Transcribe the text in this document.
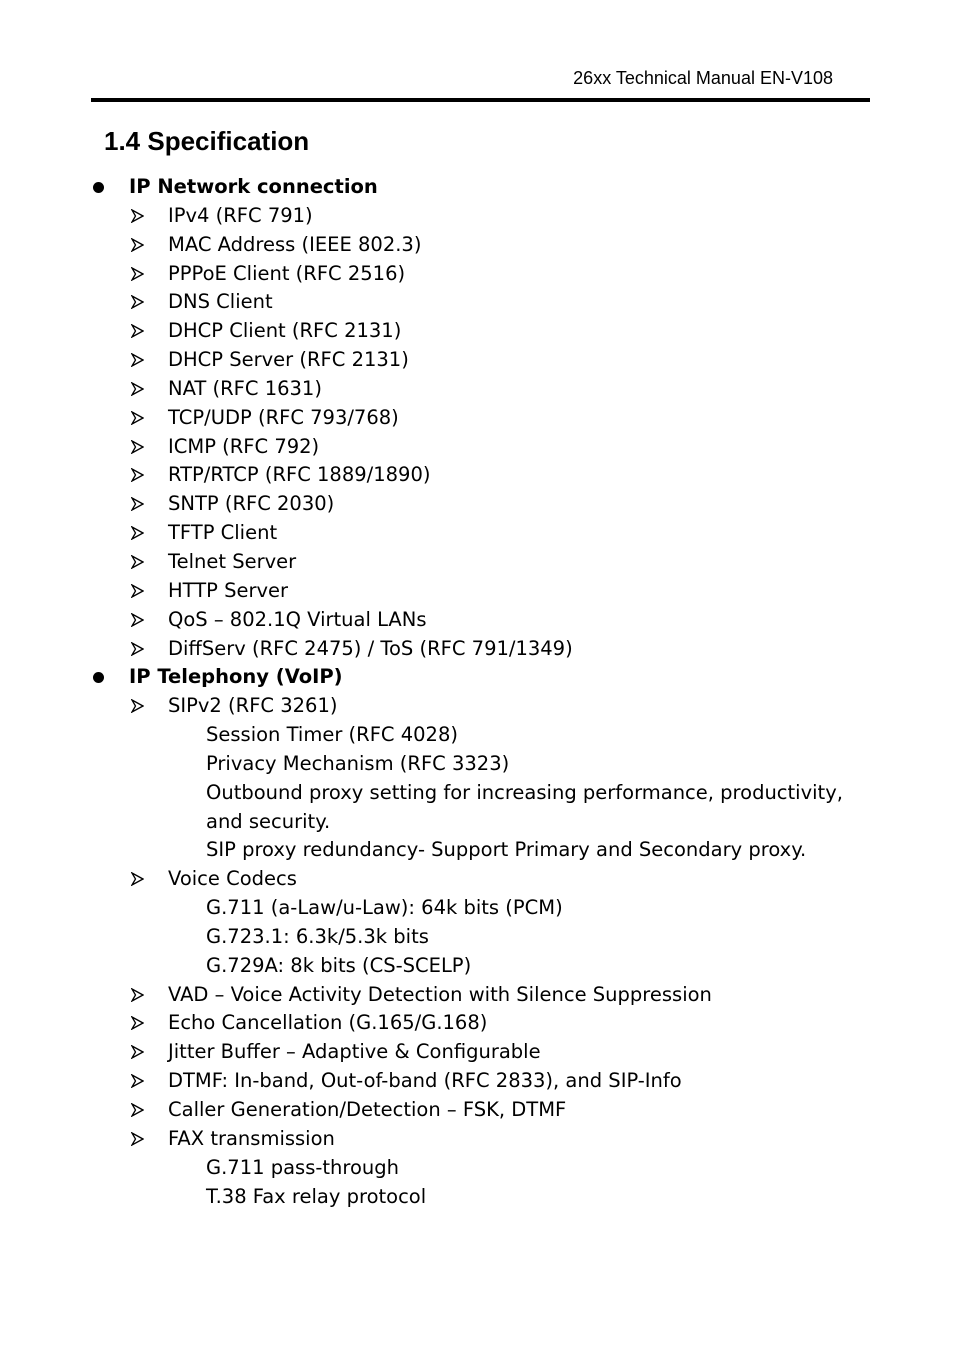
26xx Technical Manual EN-V108
1.4 Specification
IP Network connection
IPv4 (RFC 791)
MAC Address (IEEE 802.3)
PPPoE Client (RFC 2516)
DNS Client
DHCP Client (RFC 2131)
DHCP Server (RFC 2131)
NAT (RFC 1631)
TCP/UDP (RFC 793/768)
ICMP (RFC 792)
RTP/RTCP (RFC 1889/1890)
SNTP (RFC 2030)
TFTP Client
Telnet Server
HTTP Server
QoS – 802.1Q Virtual LANs
DiffServ (RFC 2475) / ToS (RFC 791/1349)
IP Telephony (VoIP)
SIPv2 (RFC 3261)
Session Timer (RFC 4028)
Privacy Mechanism (RFC 3323)
Outbound proxy setting for increasing performance, productivity,
and security.
SIP proxy redundancy- Support Primary and Secondary proxy.
Voice Codecs
G.711 (a-Law/u-Law): 64k bits (PCM)
G.723.1: 6.3k/5.3k bits
G.729A: 8k bits (CS-SCELP)
VAD – Voice Activity Detection with Silence Suppression
Echo Cancellation (G.165/G.168)
Jitter Buffer – Adaptive & Configurable
DTMF: In-band, Out-of-band (RFC 2833), and SIP-Info
Caller Generation/Detection – FSK, DTMF
FAX transmission
G.711 pass-through
T.38 Fax relay protocol
